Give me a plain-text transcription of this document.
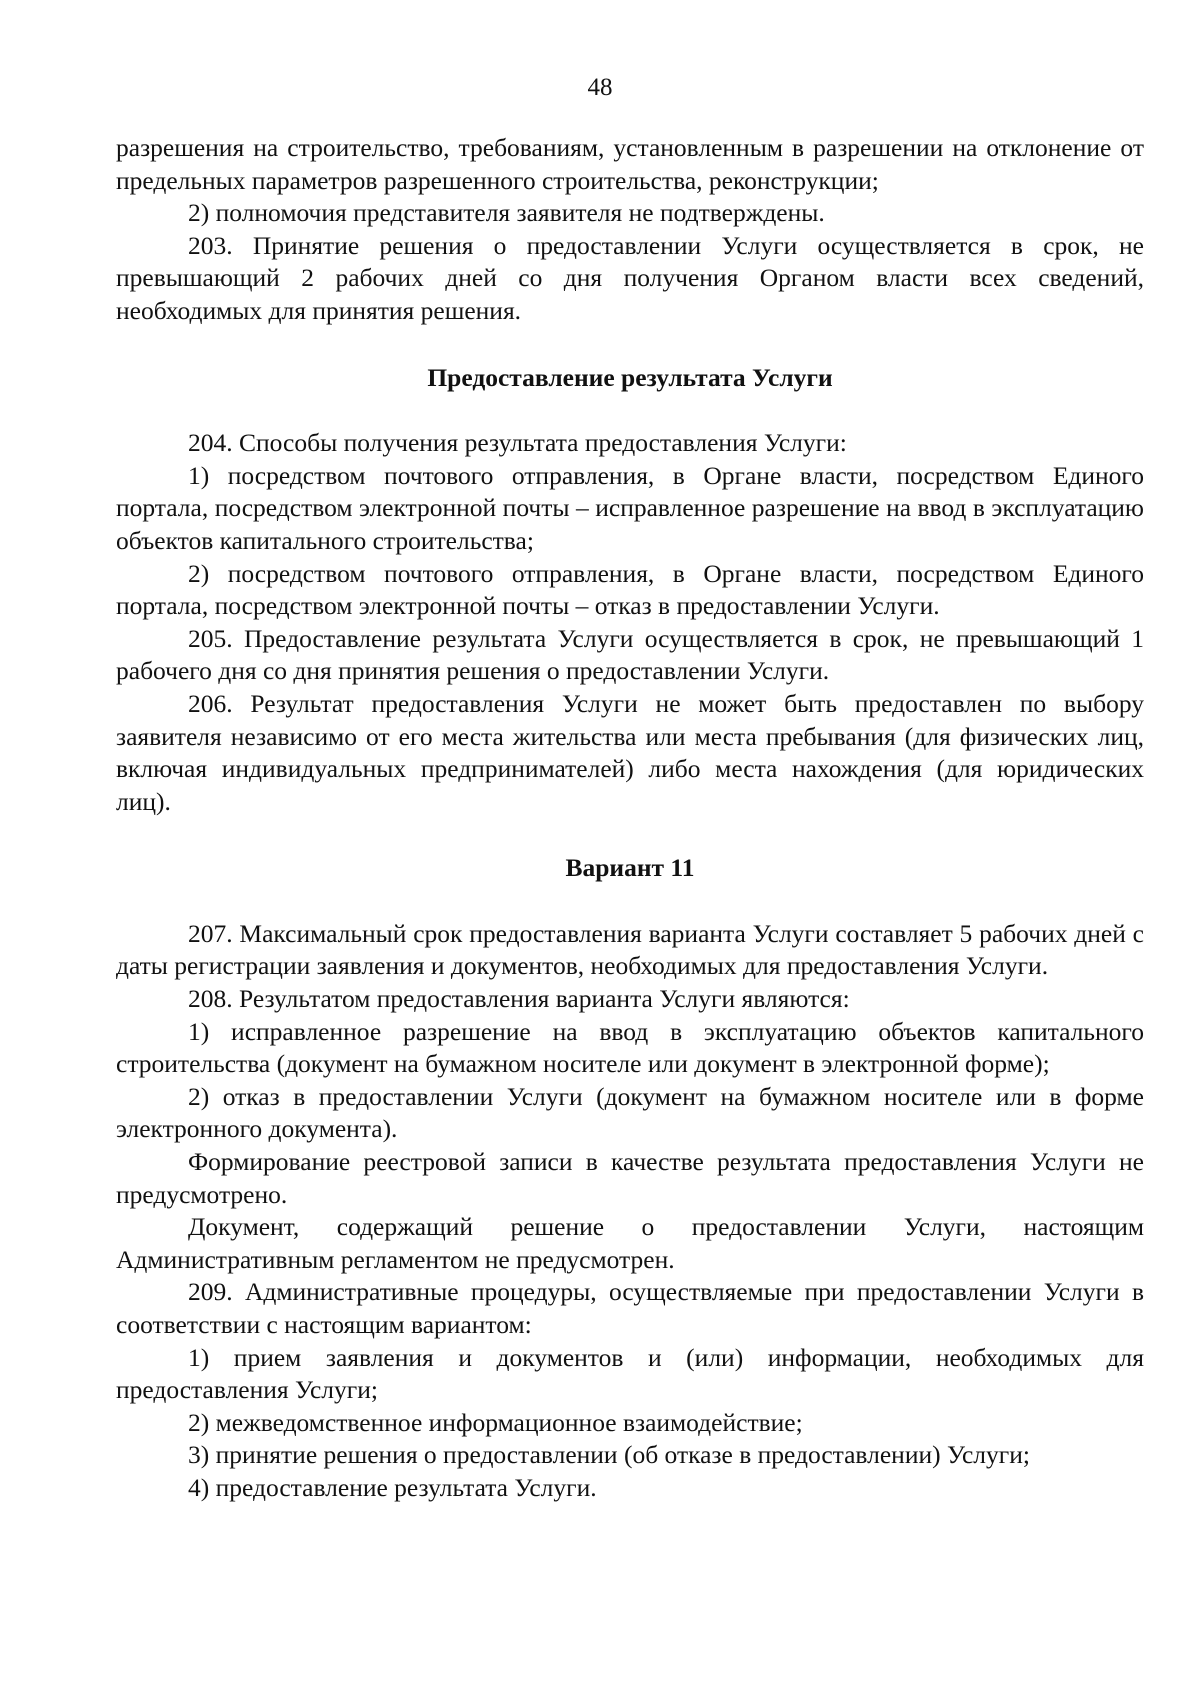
48

разрешения на строительство, требованиям, установленным в разрешении на отклонение от предельных параметров разрешенного строительства, реконструкции;

2) полномочия представителя заявителя не подтверждены.

203. Принятие решения о предоставлении Услуги осуществляется в срок, не превышающий 2 рабочих дней со дня получения Органом власти всех сведений, необходимых для принятия решения.

Предоставление результата Услуги

204. Способы получения результата предоставления Услуги:

1) посредством почтового отправления, в Органе власти, посредством Единого портала, посредством электронной почты – исправленное разрешение на ввод в эксплуатацию объектов капитального строительства;

2) посредством почтового отправления, в Органе власти, посредством Единого портала, посредством электронной почты – отказ в предоставлении Услуги.

205. Предоставление результата Услуги осуществляется в срок, не превышающий 1 рабочего дня со дня принятия решения о предоставлении Услуги.

206. Результат предоставления Услуги не может быть предоставлен по выбору заявителя независимо от его места жительства или места пребывания (для физических лиц, включая индивидуальных предпринимателей) либо места нахождения (для юридических лиц).

Вариант 11

207. Максимальный срок предоставления варианта Услуги составляет 5 рабочих дней с даты регистрации заявления и документов, необходимых для предоставления Услуги.

208. Результатом предоставления варианта Услуги являются:

1) исправленное разрешение на ввод в эксплуатацию объектов капитального строительства (документ на бумажном носителе или документ в электронной форме);

2) отказ в предоставлении Услуги (документ на бумажном носителе или в форме электронного документа).

Формирование реестровой записи в качестве результата предоставления Услуги не предусмотрено.

Документ, содержащий решение о предоставлении Услуги, настоящим Административным регламентом не предусмотрен.

209. Административные процедуры, осуществляемые при предоставлении Услуги в соответствии с настоящим вариантом:

1) прием заявления и документов и (или) информации, необходимых для предоставления Услуги;

2) межведомственное информационное взаимодействие;

3) принятие решения о предоставлении (об отказе в предоставлении) Услуги;

4) предоставление результата Услуги.
